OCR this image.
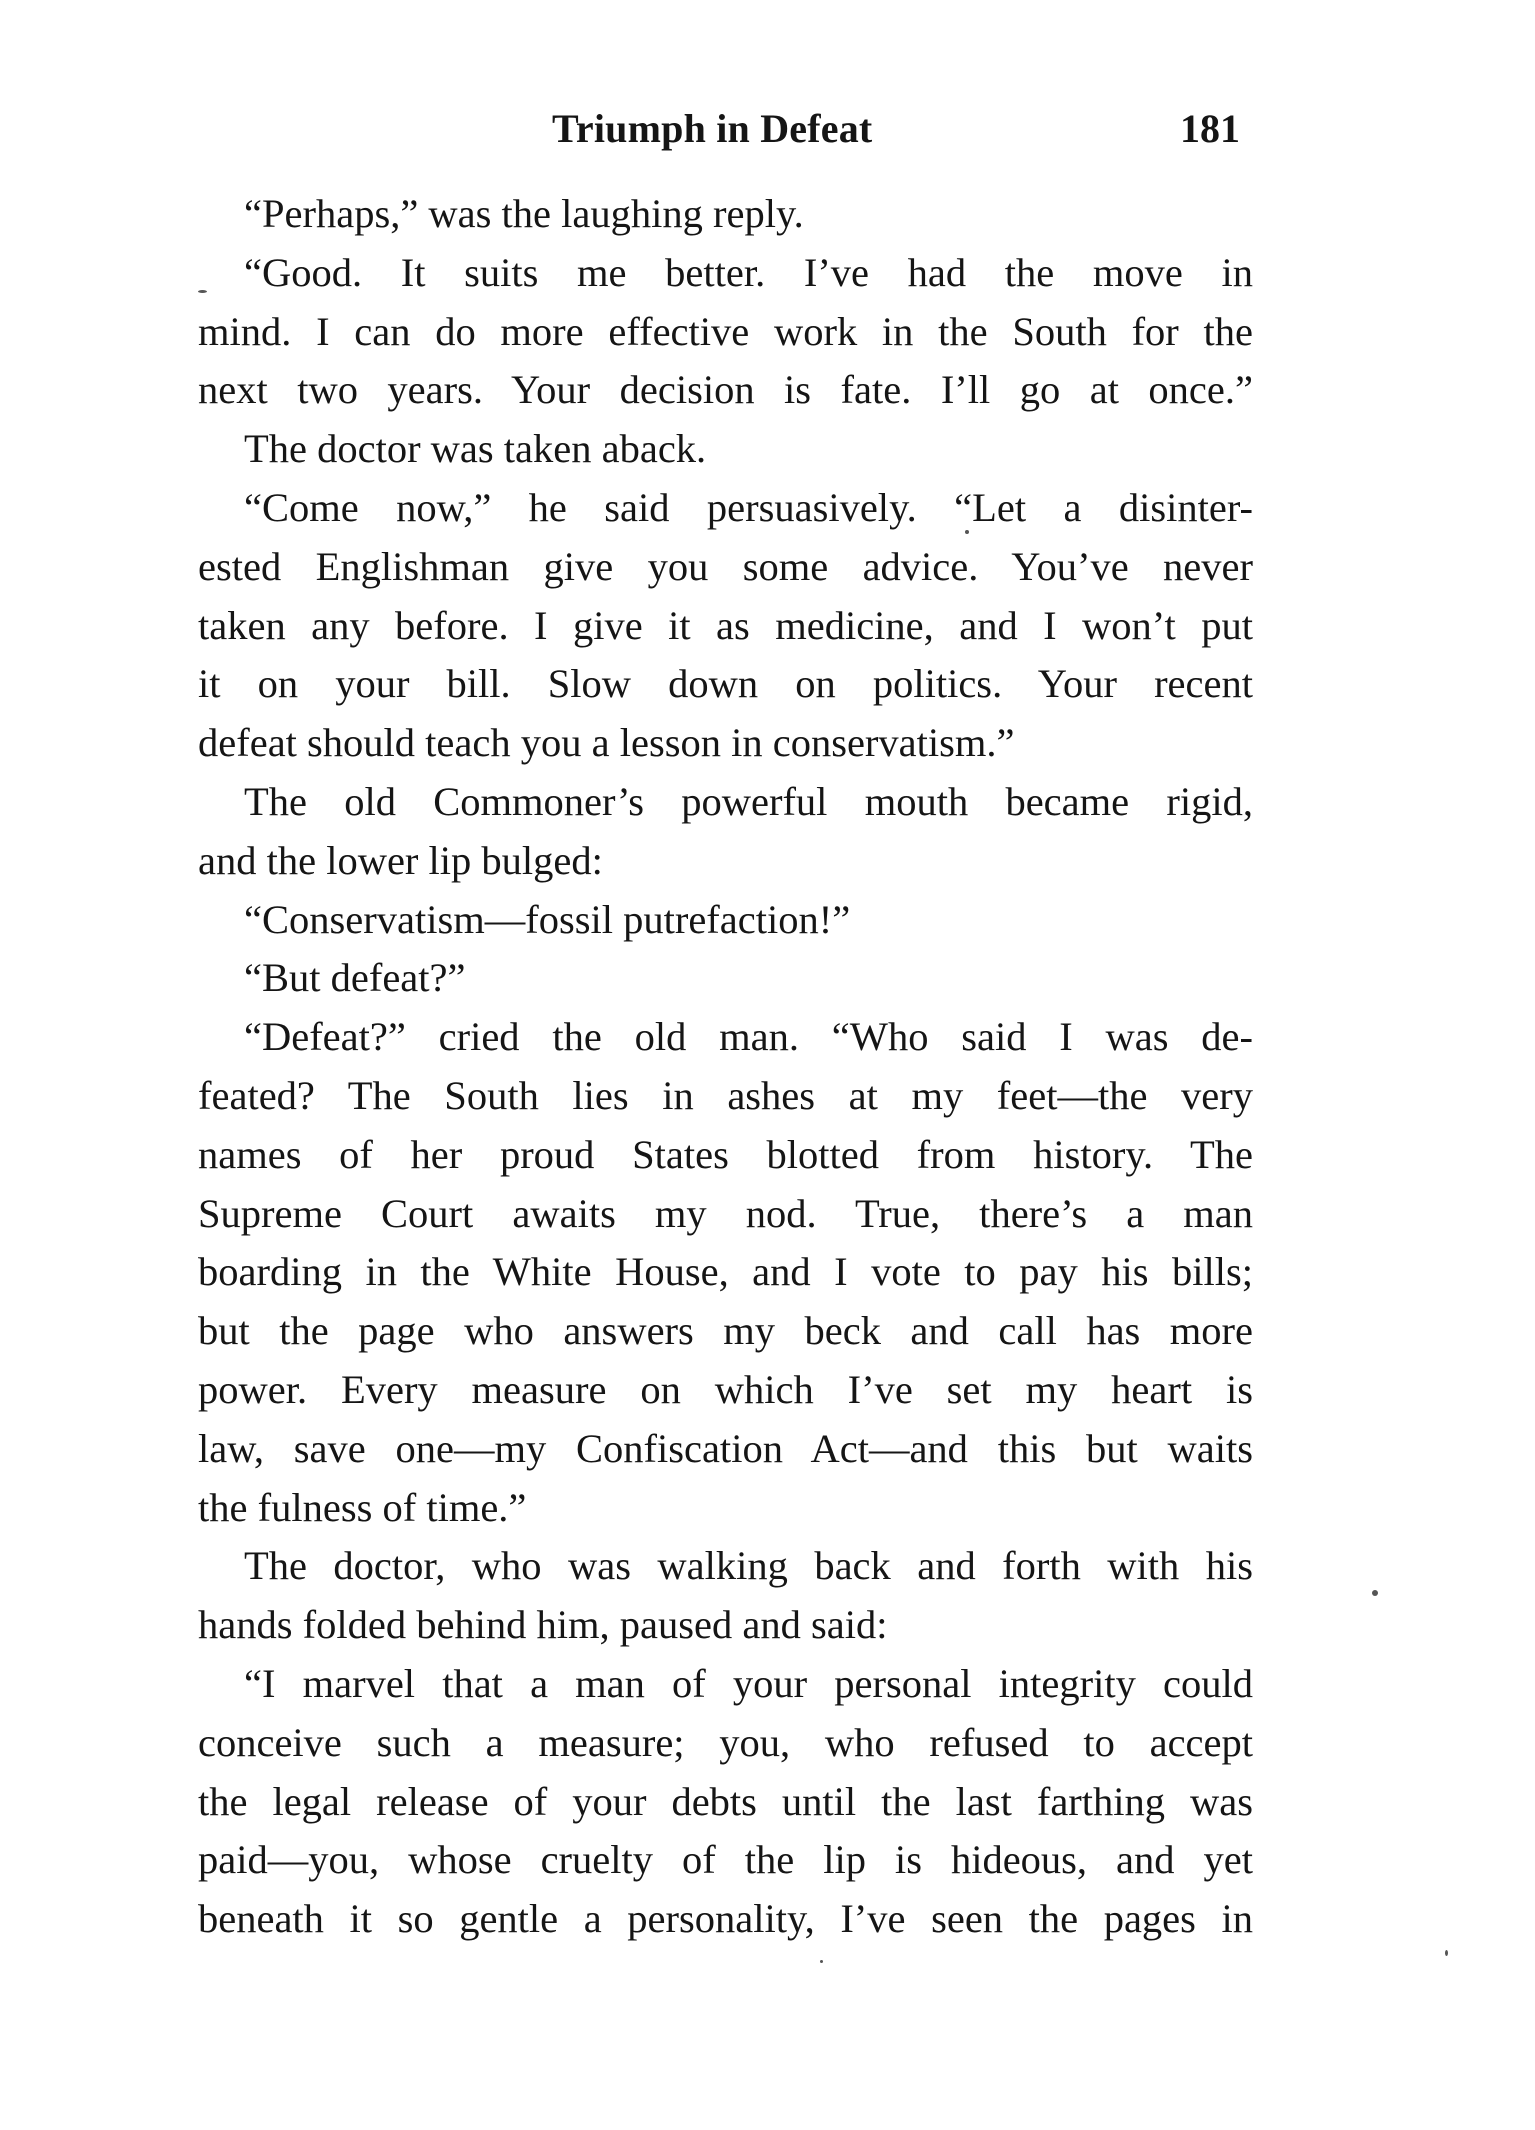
Triumph in Defeat	181
“Perhaps,” was the laughing reply.
“Good. It suits me better. I’ve had the move in
mind. I can do more effective work in the South for the
next two years. Your decision is fate. I’ll go at once.”
The doctor was taken aback.
“Come now,” he said persuasively. “Let a disinter-
ested Englishman give you some advice. You’ve never
taken any before. I give it as medicine, and I won’t put
it on your bill. Slow down on politics. Your recent
defeat should teach you a lesson in conservatism.”
The old Commoner’s powerful mouth became rigid,
and the lower lip bulged:
“Conservatism—fossil putrefaction!”
“But defeat?”
“Defeat?” cried the old man. “Who said I was de-
feated? The South lies in ashes at my feet—the very
names of her proud States blotted from history. The
Supreme Court awaits my nod. True, there’s a man
boarding in the White House, and I vote to pay his bills;
but the page who answers my beck and call has more
power. Every measure on which I’ve set my heart is
law, save one—my Confiscation Act—and this but waits
the fulness of time.”
The doctor, who was walking back and forth with his
hands folded behind him, paused and said:
“I marvel that a man of your personal integrity could
conceive such a measure; you, who refused to accept
the legal release of your debts until the last farthing was
paid—you, whose cruelty of the lip is hideous, and yet
beneath it so gentle a personality, I’ve seen the pages in
